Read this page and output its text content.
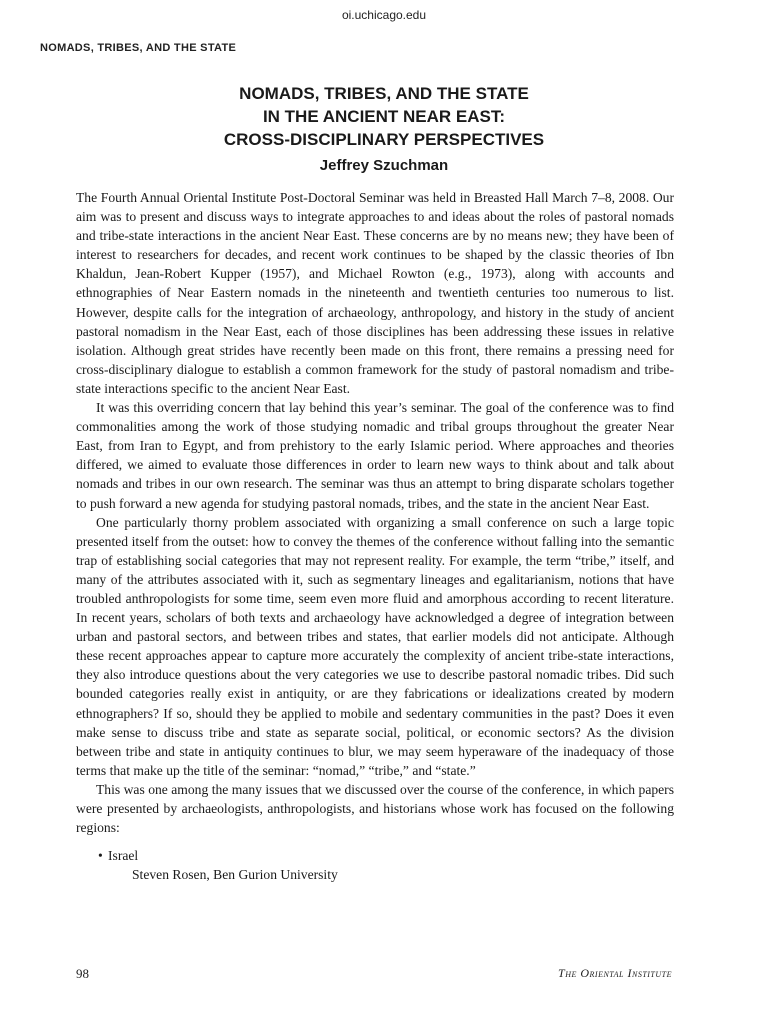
oi.uchicago.edu
NOMADS, TRIBES, AND THE STATE
NOMADS, TRIBES, AND THE STATE
IN THE ANCIENT NEAR EAST:
CROSS-DISCIPLINARY PERSPECTIVES
Jeffrey Szuchman

The Fourth Annual Oriental Institute Post-Doctoral Seminar was held in Breasted Hall March 7–8, 2008. Our aim was to present and discuss ways to integrate approaches to and ideas about the roles of pastoral nomads and tribe-state interactions in the ancient Near East. These concerns are by no means new; they have been of interest to researchers for decades, and recent work continues to be shaped by the classic theories of Ibn Khaldun, Jean-Robert Kupper (1957), and Michael Rowton (e.g., 1973), along with accounts and ethnographies of Near Eastern nomads in the nineteenth and twentieth centuries too numerous to list. However, despite calls for the integration of archaeology, anthropology, and history in the study of ancient pastoral nomadism in the Near East, each of those disciplines has been addressing these issues in relative isolation. Although great strides have recently been made on this front, there remains a pressing need for cross-disciplinary dialogue to establish a common framework for the study of pastoral nomadism and tribe-state interactions specific to the ancient Near East.

It was this overriding concern that lay behind this year’s seminar. The goal of the conference was to find commonalities among the work of those studying nomadic and tribal groups throughout the greater Near East, from Iran to Egypt, and from prehistory to the early Islamic period. Where approaches and theories differed, we aimed to evaluate those differences in order to learn new ways to think about and talk about nomads and tribes in our own research. The seminar was thus an attempt to bring disparate scholars together to push forward a new agenda for studying pastoral nomads, tribes, and the state in the ancient Near East.

One particularly thorny problem associated with organizing a small conference on such a large topic presented itself from the outset: how to convey the themes of the conference without falling into the semantic trap of establishing social categories that may not represent reality. For example, the term “tribe,” itself, and many of the attributes associated with it, such as segmentary lineages and egalitarianism, notions that have troubled anthropologists for some time, seem even more fluid and amorphous according to recent literature. In recent years, scholars of both texts and archaeology have acknowledged a degree of integration between urban and pastoral sectors, and between tribes and states, that earlier models did not anticipate. Although these recent approaches appear to capture more accurately the complexity of ancient tribe-state interactions, they also introduce questions about the very categories we use to describe pastoral nomadic tribes. Did such bounded categories really exist in antiquity, or are they fabrications or idealizations created by modern ethnographers? If so, should they be applied to mobile and sedentary communities in the past? Does it even make sense to discuss tribe and state as separate social, political, or economic sectors? As the division between tribe and state in antiquity continues to blur, we may seem hyperaware of the inadequacy of those terms that make up the title of the seminar: “nomad,” “tribe,” and “state.”

This was one among the many issues that we discussed over the course of the conference, in which papers were presented by archaeologists, anthropologists, and historians whose work has focused on the following regions:

• Israel
Steven Rosen, Ben Gurion University
98	The Oriental Institute
